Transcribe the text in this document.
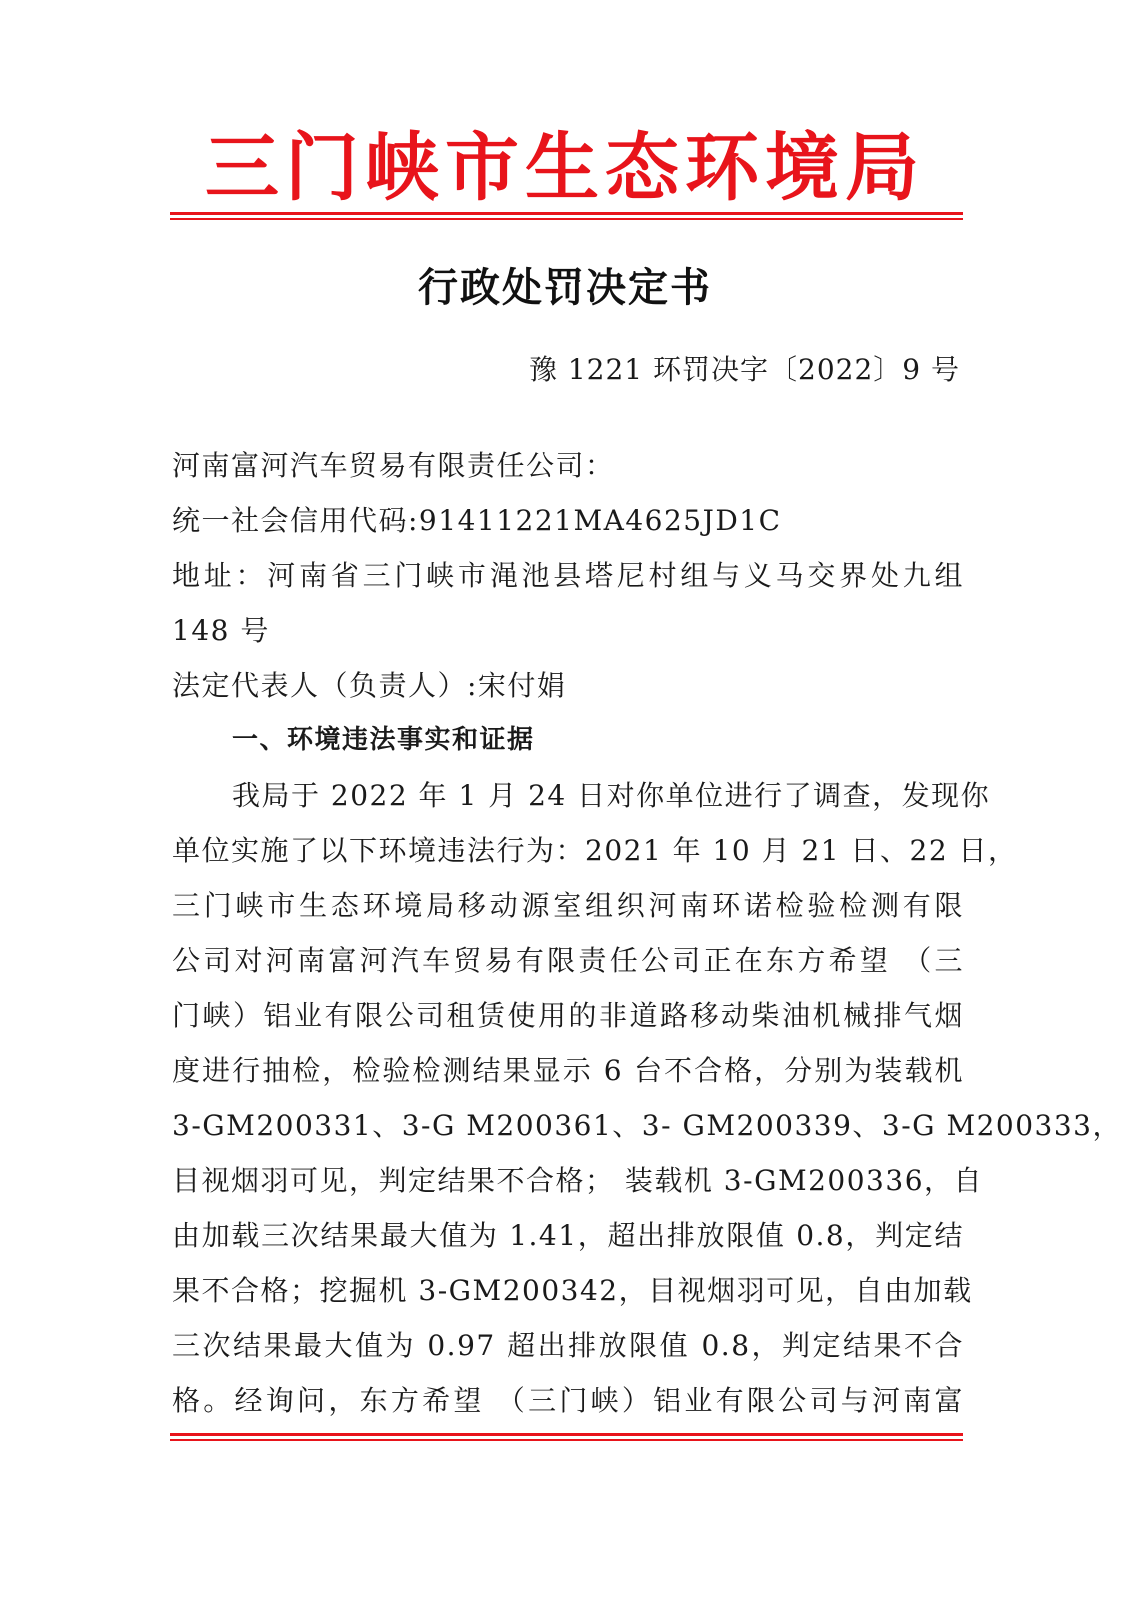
三门峡市生态环境局
行政处罚决定书
豫 1221 环罚决字〔2022〕9 号
河南富河汽车贸易有限责任公司：
统一社会信用代码:91411221MA4625JD1C
地址：河南省三门峡市渑池县塔尼村组与义马交界处九组
148 号
法定代表人（负责人）:宋付娟
一、环境违法事实和证据
我局于 2022 年 1 月 24 日对你单位进行了调查，发现你
单位实施了以下环境违法行为：2021 年 10 月 21 日、22 日，
三门峡市生态环境局移动源室组织河南环诺检验检测有限
公司对河南富河汽车贸易有限责任公司正在东方希望 （三
门峡）铝业有限公司租赁使用的非道路移动柴油机械排气烟
度进行抽检，检验检测结果显示 6 台不合格，分别为装载机
3-GM200331、3-G M200361、3- GM200339、3-G M200333，
目视烟羽可见，判定结果不合格； 装载机 3-GM200336，自
由加载三次结果最大值为 1.41，超出排放限值 0.8，判定结
果不合格；挖掘机 3-GM200342，目视烟羽可见，自由加载
三次结果最大值为 0.97 超出排放限值 0.8，判定结果不合
格。经询问，东方希望 （三门峡）铝业有限公司与河南富
